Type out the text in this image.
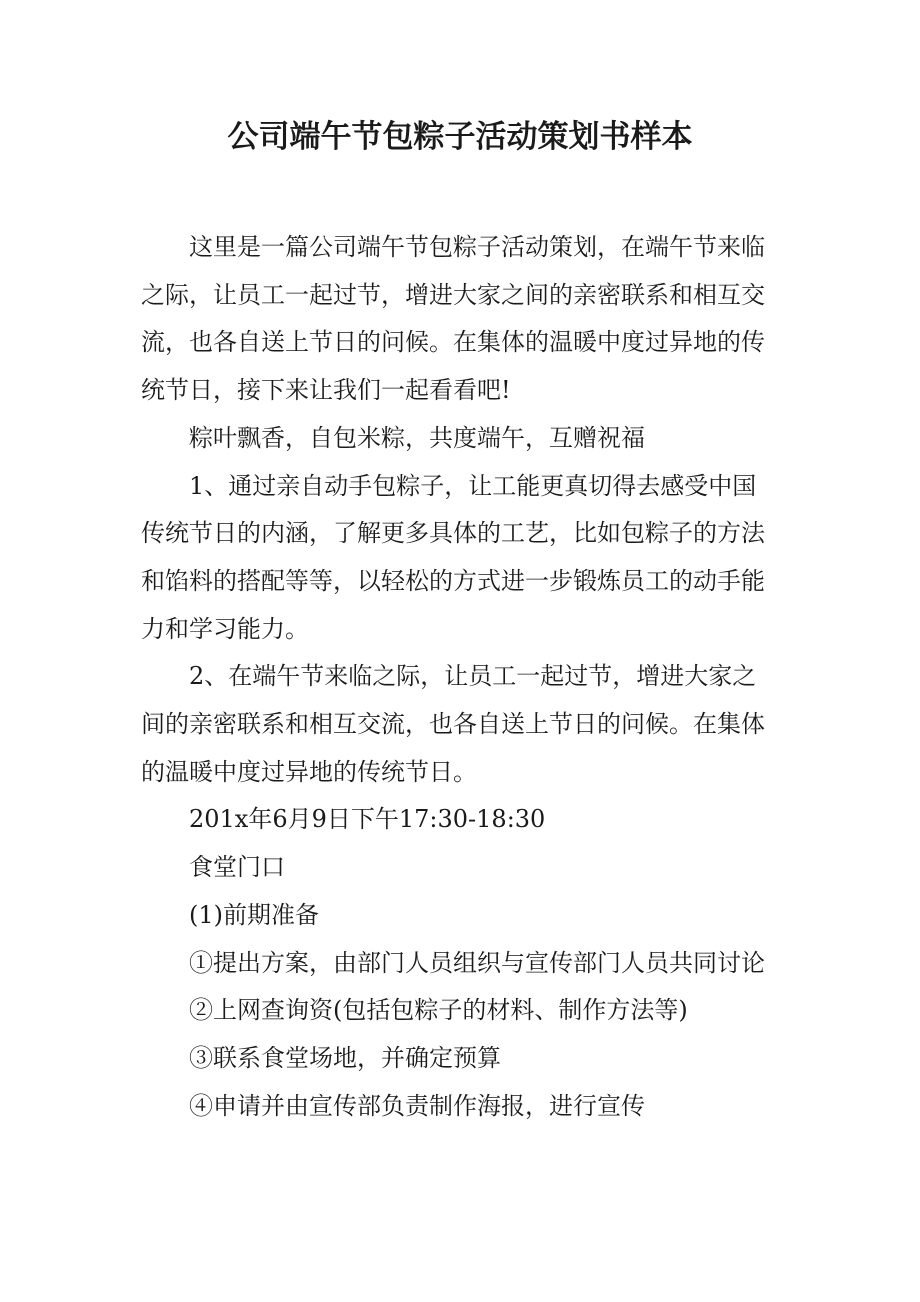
公司端午节包粽子活动策划书样本

这里是一篇公司端午节包粽子活动策划，在端午节来临之际，让员工一起过节，增进大家之间的亲密联系和相互交流，也各自送上节日的问候。在集体的温暖中度过异地的传统节日，接下来让我们一起看看吧!

粽叶飘香，自包米粽，共度端午，互赠祝福

1、通过亲自动手包粽子，让工能更真切得去感受中国传统节日的内涵，了解更多具体的工艺，比如包粽子的方法和馅料的搭配等等，以轻松的方式进一步锻炼员工的动手能力和学习能力。

2、在端午节来临之际，让员工一起过节，增进大家之间的亲密联系和相互交流，也各自送上节日的问候。在集体的温暖中度过异地的传统节日。

201x年6月9日下午17:30-18:30

食堂门口

(1)前期准备

①提出方案，由部门人员组织与宣传部门人员共同讨论

②上网查询资(包括包粽子的材料、制作方法等)

③联系食堂场地，并确定预算

④申请并由宣传部负责制作海报，进行宣传
